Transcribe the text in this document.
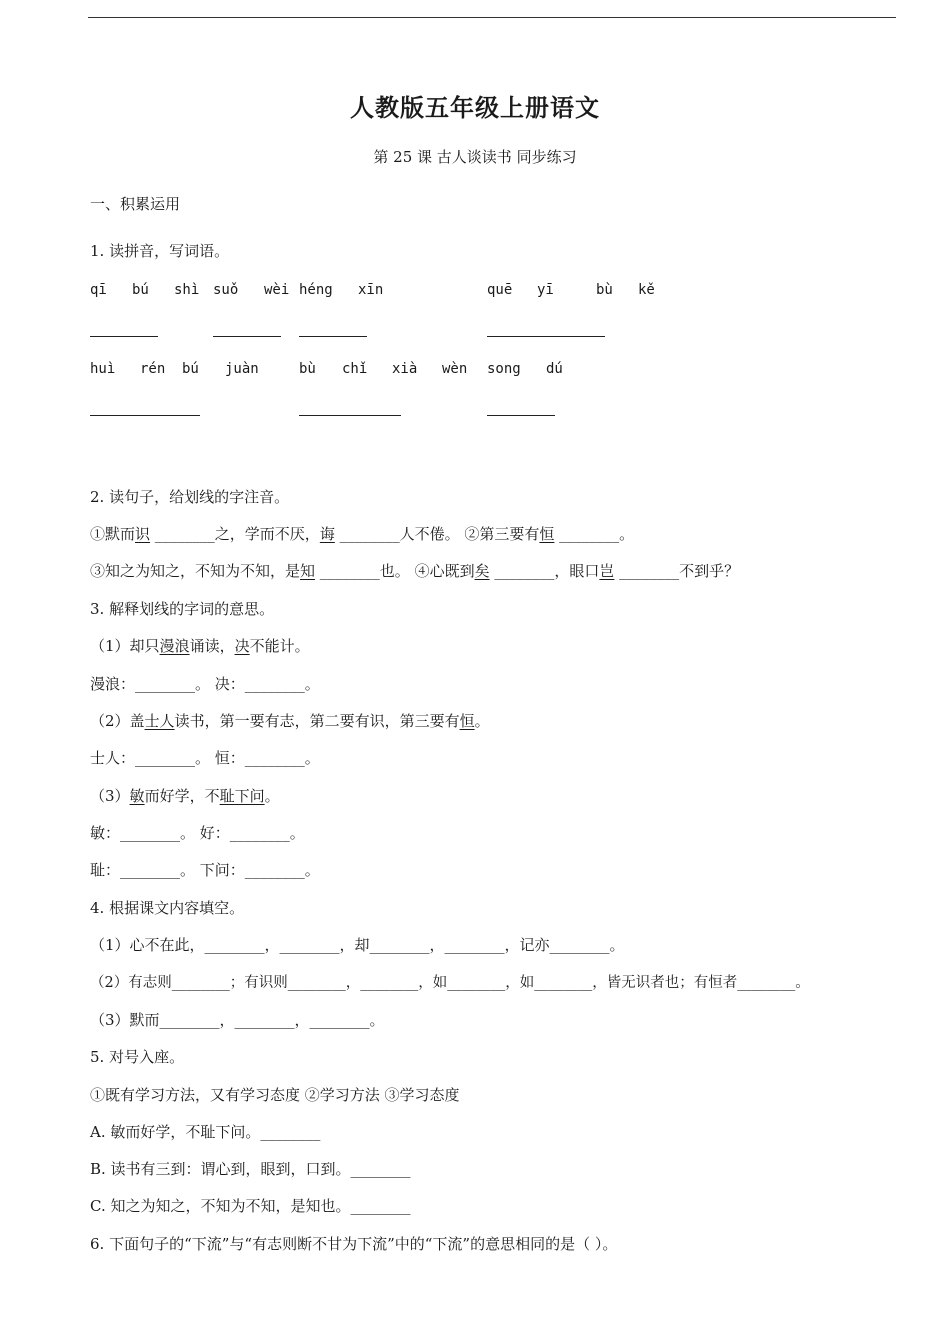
人教版五年级上册语文
第 25 课 古人谈读书 同步练习
一、积累运用
1. 读拼音，写词语。
qī bú shì suǒ wèi héng xīn	quē yī	bù kě
huì rén bú juàn	bù chǐ xià wèn song dú
2. 读句子，给划线的字注音。
①默而识 ________之，学而不厌，诲 ________人不倦。 ②第三要有恒 ________。
③知之为知之，不知为不知，是知 ________也。 ④心既到矣 ________，眼口岂 ________不到乎？
3. 解释划线的字词的意思。
（1）却只漫浪诵读，决不能计。
漫浪：________。 决：________。
（2）盖士人读书，第一要有志，第二要有识，第三要有恒。
士人：________。 恒：________。
（3）敏而好学，不耻下问。
敏：________。 好：________。
耻：________。 下问：________。
4. 根据课文内容填空。
（1）心不在此，________，________，却________，________，记亦________。
（2）有志则________；有识则________，________，如________，如________，皆无识者也；有恒者________。
（3）默而________，________，________。
5. 对号入座。
①既有学习方法，又有学习态度 ②学习方法 ③学习态度
A. 敏而好学，不耻下问。________
B. 读书有三到：谓心到，眼到，口到。________
C. 知之为知之，不知为不知，是知也。________
6. 下面句子的“下流”与“有志则断不甘为下流”中的“下流”的意思相同的是（ ）。
